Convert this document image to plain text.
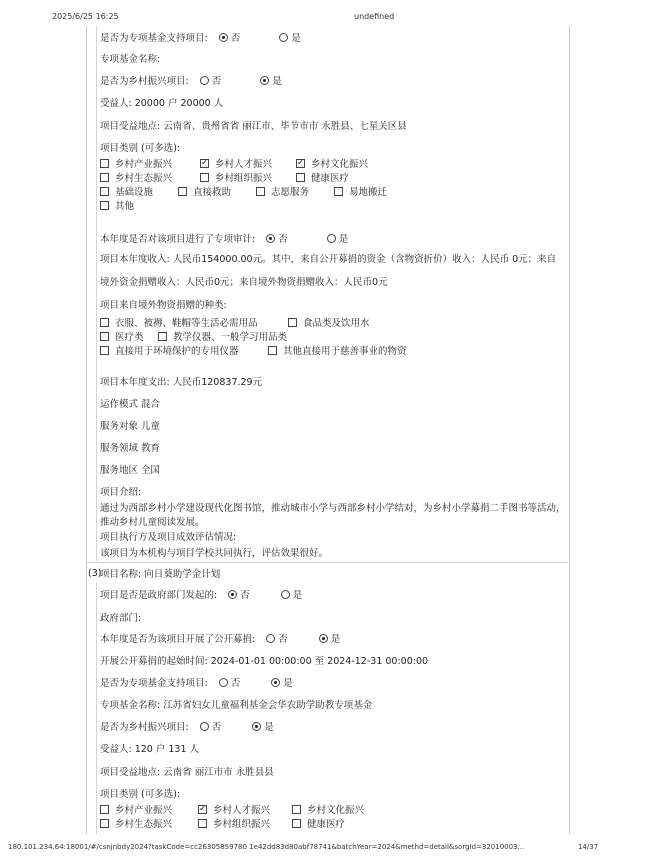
2025/6/25 16:25	undefined
180.101.234.64:18001/#/csnjnbdy2024?taskCode=cc26305859780 1e42dd83d80abf78741&batchYear=2024&methd=detail&sorgId=32010003...	14/37
是否为专项基金支持项目: 否	是
专项基金名称:
是否为乡村振兴项目: 否	是
受益人: 20000 户 20000 人
项目受益地点: 云南省、贵州省省 丽江市、毕节市市 永胜县、七星关区县
项目类别 (可多选):
乡村产业振兴 ✓	乡村人才振兴 ✓	乡村文化振兴
乡村生态振兴	乡村组织振兴	健康医疗
基础设施	直接救助	志愿服务	易地搬迁
其他
本年度是否对该项目进行了专项审计: 否	是
项目本年度收入: 人民币154000.00元。其中，来自公开募捐的资金（含物资折价）收入：人民币 0元；来自
境外资金捐赠收入：人民币0元；来自境外物资捐赠收入：人民币0元
项目来自境外物资捐赠的种类:
衣服、被褥、鞋帽等生活必需用品	食品类及饮用水
医疗类	教学仪器、一般学习用品类
直接用于环境保护的专用仪器	其他直接用于慈善事业的物资
项目本年度支出: 人民币120837.29元
运作模式 混合
服务对象 儿童
服务领域 教育
服务地区 全国
项目介绍:
通过为西部乡村小学建设现代化图书馆，推动城市小学与西部乡村小学结对，为乡村小学募捐二手图书等活动，推动乡村儿童阅读发展。
项目执行方及项目成效评估情况:
该项目为本机构与项目学校共同执行，评估效果很好。
(3)
项目名称: 向日葵助学金计划
项目是否是政府部门发起的: 否	是
政府部门:
本年度是否为该项目开展了公开募捐: 否	是
开展公开募捐的起始时间: 2024-01-01 00:00:00 至 2024-12-31 00:00:00
是否为专项基金支持项目: 否	是
专项基金名称: 江苏省妇女儿童福利基金会华农助学助教专项基金
是否为乡村振兴项目: 否	是
受益人: 120 户 131 人
项目受益地点: 云南省 丽江市市 永胜县县
项目类别 (可多选):
乡村产业振兴 ✓	乡村人才振兴	乡村文化振兴
乡村生态振兴	乡村组织振兴	健康医疗
